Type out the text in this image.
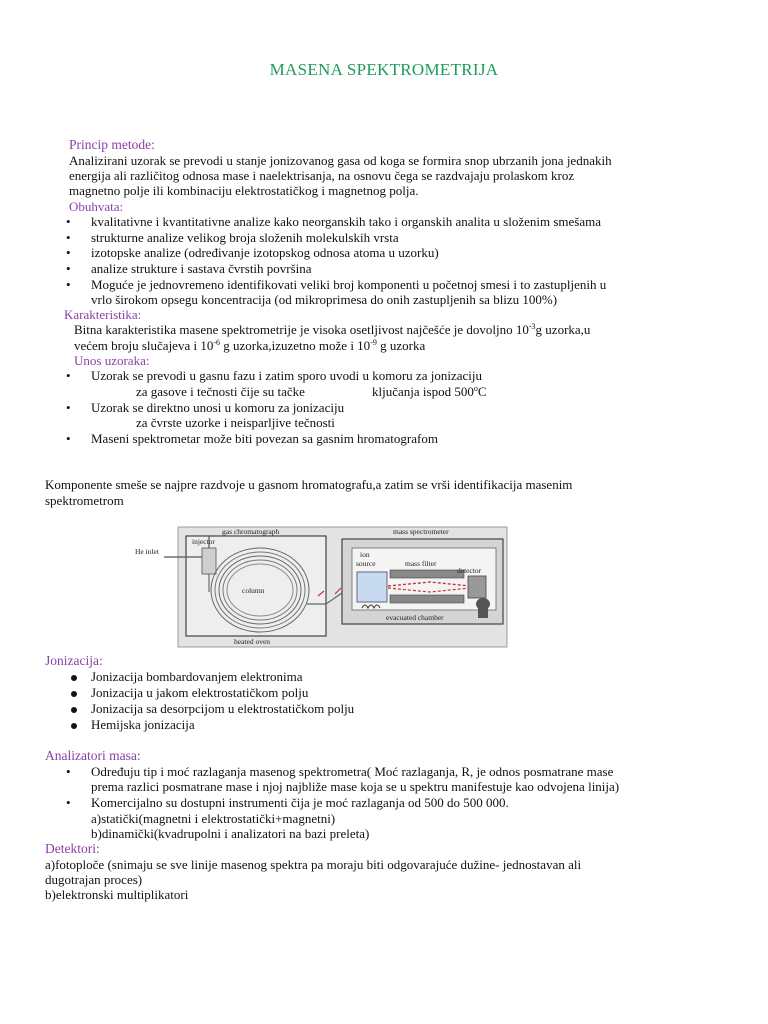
MASENA SPEKTROMETRIJA
Princip metode:
Analizirani uzorak se prevodi u stanje jonizovanog gasa od koga se formira snop ubrzanih jona jednakih
energija ali različitog odnosa mase i naelektrisanja, na osnovu čega se razdvajaju prolaskom kroz
magnetno polje ili kombinaciju elektrostatičkog i magnetnog polja.
Obuhvata:
• kvalitativne i kvantitativne analize kako neorganskih tako i organskih analita u složenim smešama
• strukturne analize velikog broja složenih molekulskih vrsta
• izotopske analize (određivanje izotopskog odnosa atoma u uzorku)
• analize strukture i sastava čvrstih površina
• Moguće je jednovremeno identifikovati veliki broj komponenti u početnoj smesi i to zastupljenih u
vrlo širokom opsegu koncentracija (od mikroprimesa do onih zastupljenih sa blizu 100%)
Karakteristika:
Bitna karakteristika masene spektrometrije je visoka osetljivost najčešće je dovoljno $10^{-3}g$ uzorka,u
većem broju slučajeva i $10^{-6}$ g uzorka,izuzetno može i $10^{-9}$ g uzorka
Unos uzoraka:
• Uzorak se prevodi u gasnu fazu i zatim sporo uvodi u komoru za jonizaciju
za gasove i tečnosti čije su tačke	ključanja ispod 500$^o$C
• Uzorak se direktno unosi u komoru za jonizaciju
za čvrste uzorke i neisparljive tečnosti
• Maseni spektrometar može biti povezan sa gasnim hromatografom
Komponente smeše se najpre razdvoje u gasnom hromatografu,a zatim se vrši identifikacija masenim
spektrometrom
gas chromatograph	mass spectrometer
injector
He inlet
column
heated oven
ion
source	mass filter
detector
evacuated chamber
Jonizacija:
Jonizacija bombardovanjem elektronima
Jonizacija u jakom elektrostatičkom polju
Jonizacija sa desorpcijom u elektrostatičkom polju
Hemijska jonizacija
Analizatori masa:
• Određuju tip i moć razlaganja masenog spektrometra( Moć razlaganja, R, je odnos posmatrane mase
prema razlici posmatrane mase i njoj najbliže mase koja se u spektru manifestuje kao odvojena linija)
• Komercijalno su dostupni instrumenti čija je moć razlaganja od 500 do 500 000.
a)statički(magnetni i elektrostatički+magnetni)
b)dinamički(kvadrupolni i analizatori na bazi preleta)
Detektori:
a)fotoploče (snimaju se sve linije masenog spektra pa moraju biti odgovarajuće dužine- jednostavan ali
dugotrajan proces)
b)elektronski multiplikatori
